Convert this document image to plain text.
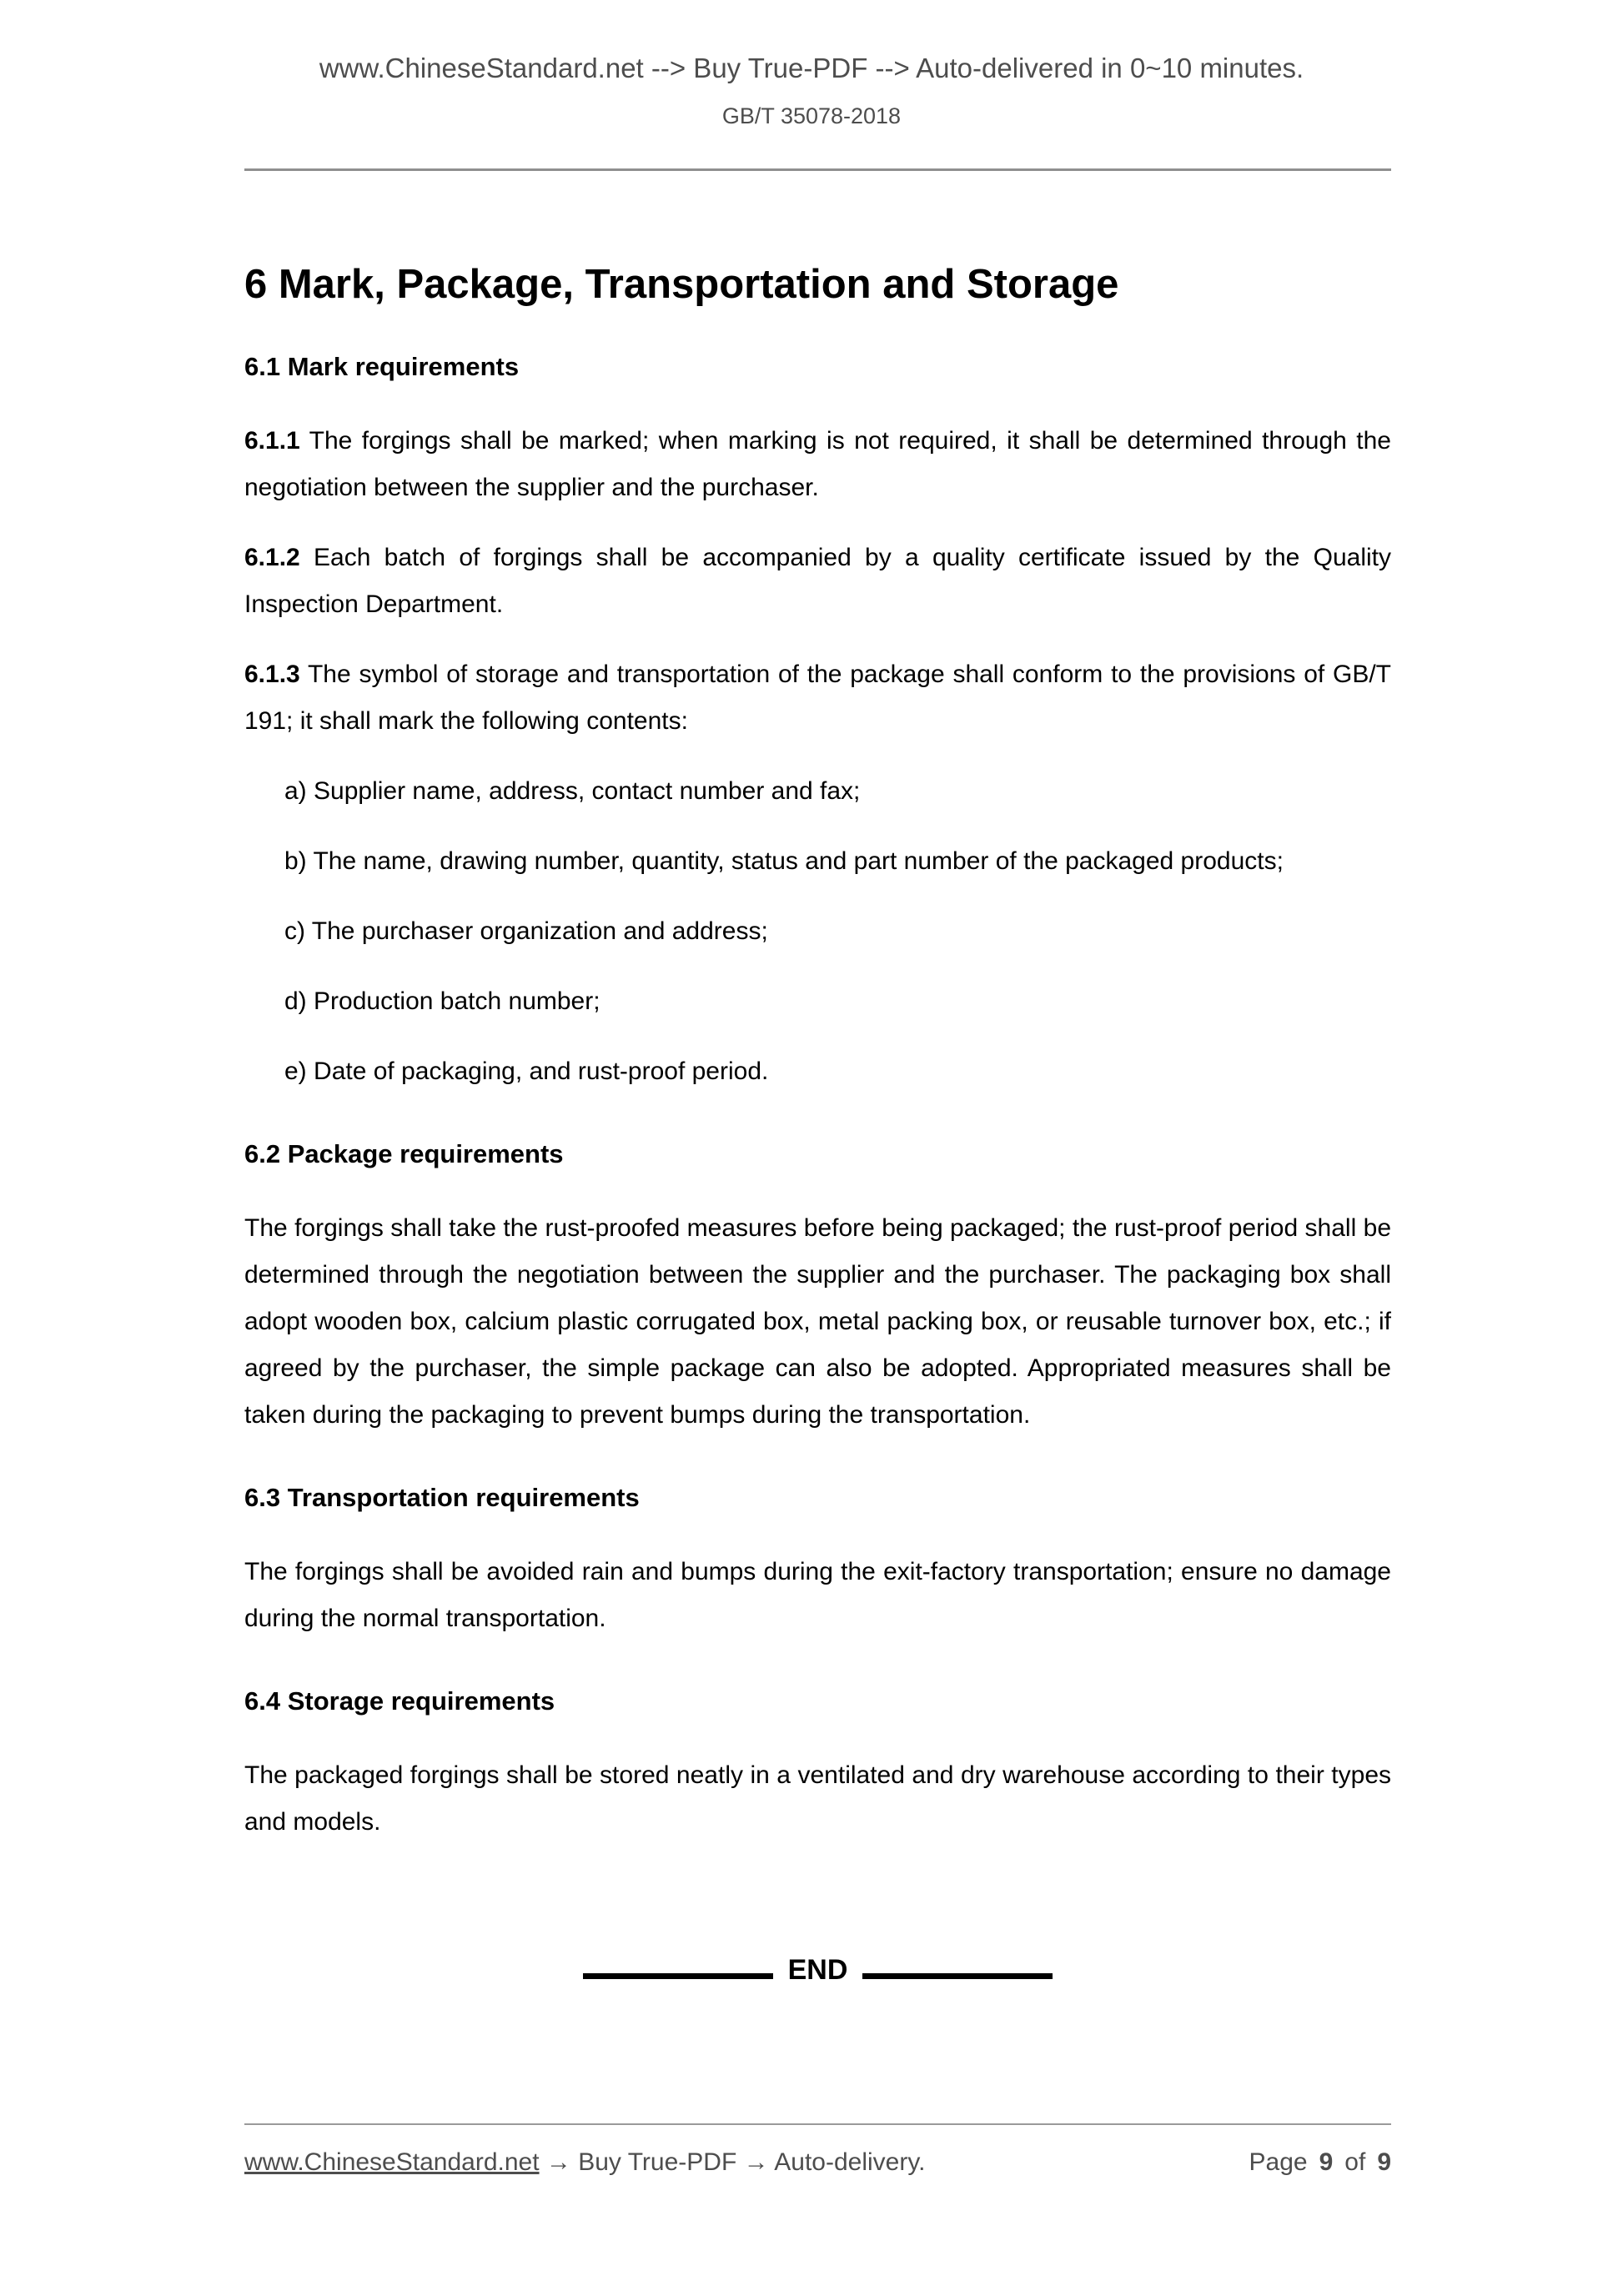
www.ChineseStandard.net --> Buy True-PDF --> Auto-delivered in 0~10 minutes.
GB/T 35078-2018
6 Mark, Package, Transportation and Storage
6.1 Mark requirements

6.1.1 The forgings shall be marked; when marking is not required, it shall be determined through the negotiation between the supplier and the purchaser.

6.1.2 Each batch of forgings shall be accompanied by a quality certificate issued by the Quality Inspection Department.

6.1.3 The symbol of storage and transportation of the package shall conform to the provisions of GB/T 191; it shall mark the following contents:

a) Supplier name, address, contact number and fax;

b) The name, drawing number, quantity, status and part number of the packaged products;

c) The purchaser organization and address;

d) Production batch number;

e) Date of packaging, and rust-proof period.

6.2 Package requirements

The forgings shall take the rust-proofed measures before being packaged; the rust-proof period shall be determined through the negotiation between the supplier and the purchaser. The packaging box shall adopt wooden box, calcium plastic corrugated box, metal packing box, or reusable turnover box, etc.; if agreed by the purchaser, the simple package can also be adopted. Appropriated measures shall be taken during the packaging to prevent bumps during the transportation.

6.3 Transportation requirements

The forgings shall be avoided rain and bumps during the exit-factory transportation; ensure no damage during the normal transportation.

6.4 Storage requirements

The packaged forgings shall be stored neatly in a ventilated and dry warehouse according to their types and models.

END
www.ChineseStandard.net → Buy True-PDF → Auto-delivery.	Page 9 of 9
